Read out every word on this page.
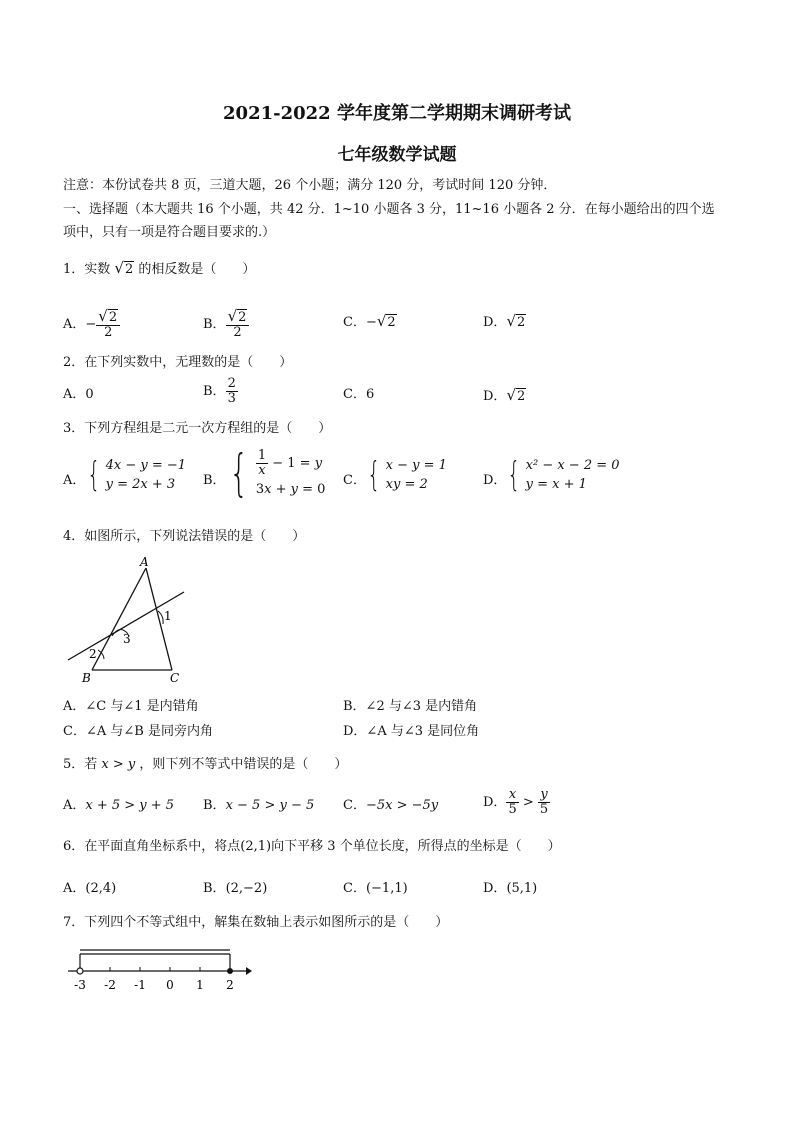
2021-2022 学年度第二学期期末调研考试
七年级数学试题
注意：本份试卷共 8 页，三道大题，26 个小题；满分 120 分，考试时间 120 分钟．
一、选择题（本大题共 16 个小题，共 42 分．1~10 小题各 3 分，11~16 小题各 2 分．在每小题给出的四个选
项中，只有一项是符合题目要求的.）
1．实数 √2 的相反数是（　　）
A．− $\frac{√2}{2}$	B． $\frac{√2}{2}$	C．−√2	D．√2
2．在下列实数中，无理数的是（　　）
A．0	B． $\frac{2}{3}$	C．6	D．√2
3．下列方程组是二元一次方程组的是（　　）
A． { 4x − y = −1
y = 2x + 3	B． { $\frac{1}{x} - 1 = y$
3x + y = 0
C． { x − y = 1
xy = 2	D． { x² − x − 2 = 0
y = x + 1
4．如图所示，下列说法错误的是（　　）
A
B	C
1
2
3
A．∠C 与∠1 是内错角	B．∠2 与∠3 是内错角
C．∠A 与∠B 是同旁内角	D．∠A 与∠3 是同位角
5．若 x > y ，则下列不等式中错误的是（　　）
A．x + 5 > y + 5 B．x − 5 > y − 5 C．−5x > −5y	D． $\frac{x}{5} > \frac{y}{5}$
6．在平面直角坐标系中，将点(2,1)向下平移 3 个单位长度，所得点的坐标是（　　）
A．(2,4)	B．(2,−2)	C．(−1,1)	D．(5,1)
7．下列四个不等式组中，解集在数轴上表示如图所示的是（　　）
-3 -2 -1 0 1 2
